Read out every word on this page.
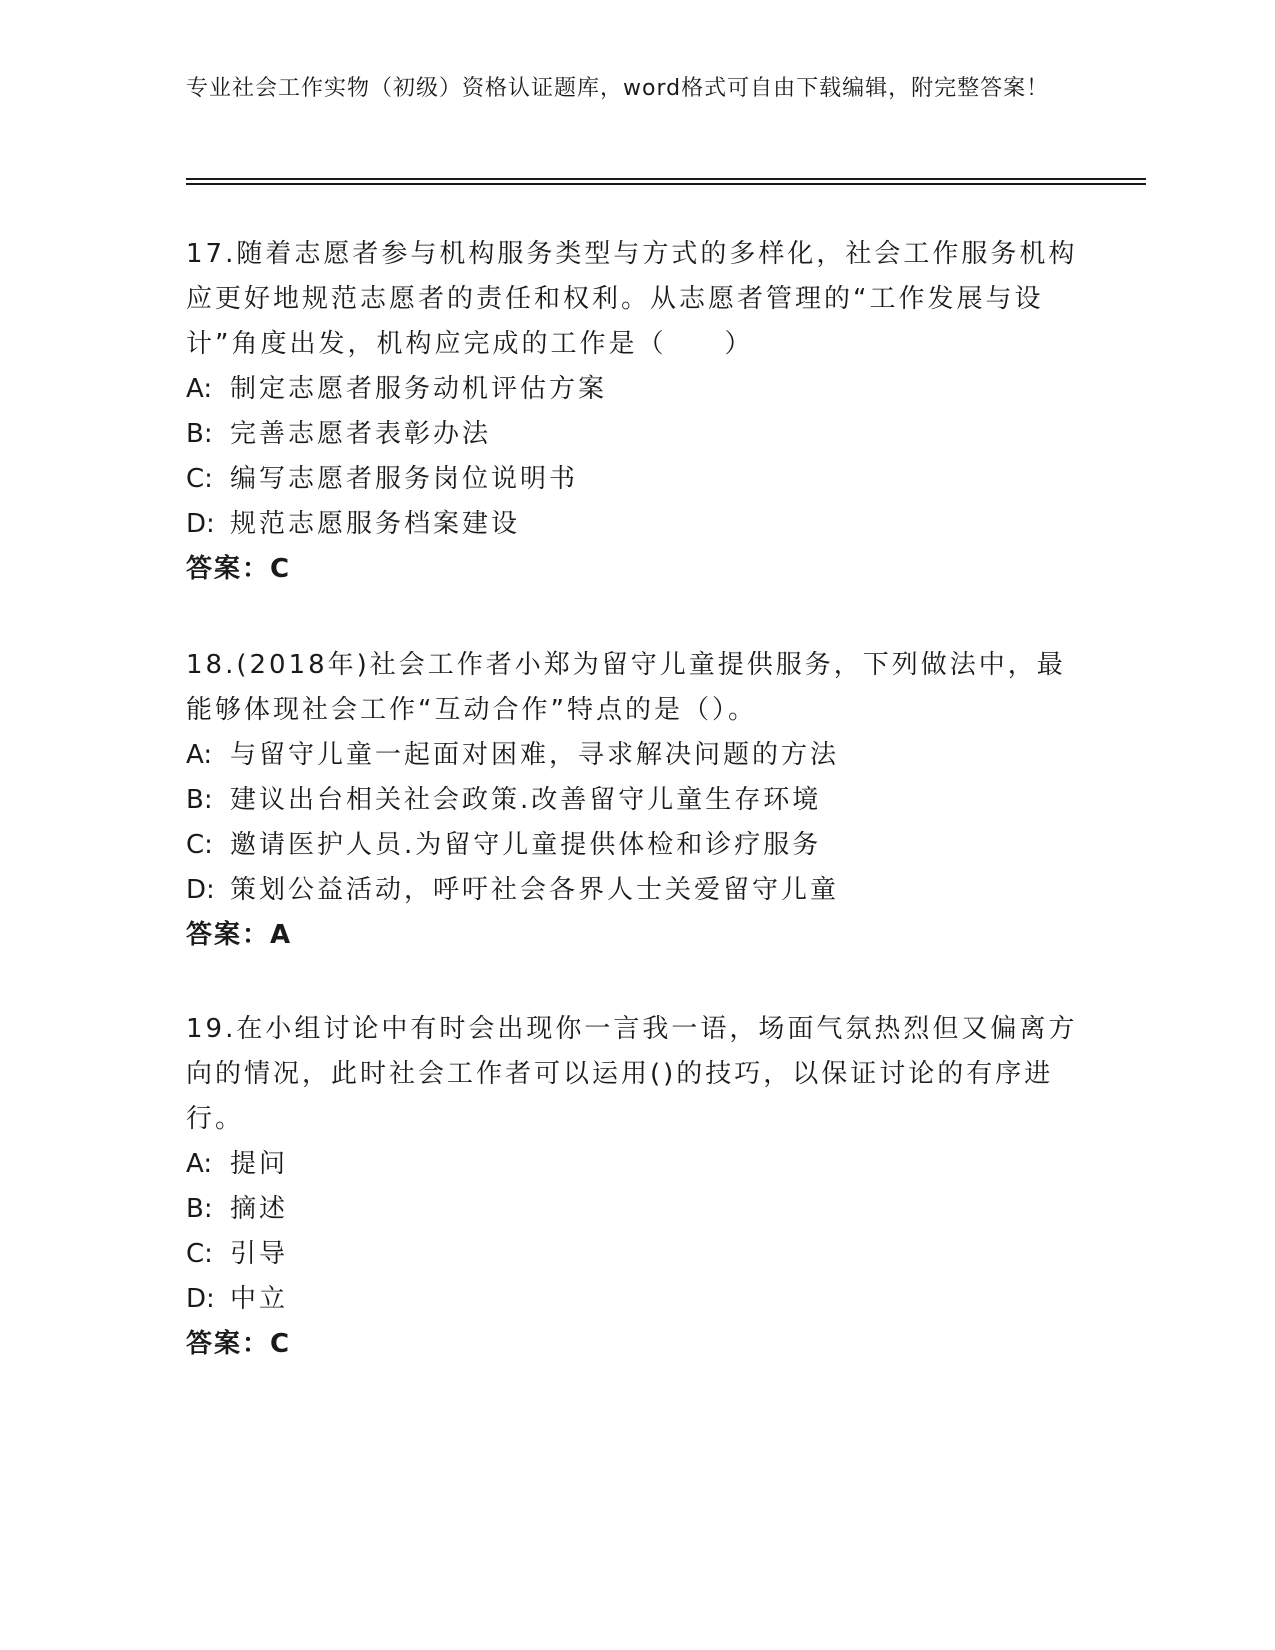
专业社会工作实物（初级）资格认证题库，word格式可自由下载编辑，附完整答案！

17.随着志愿者参与机构服务类型与方式的多样化，社会工作服务机构应更好地规范志愿者的责任和权利。从志愿者管理的“工作发展与设计”角度出发，机构应完成的工作是（　　）

A: 制定志愿者服务动机评估方案

B: 完善志愿者表彰办法

C: 编写志愿者服务岗位说明书

D: 规范志愿服务档案建设

答案：C

18.(2018年)社会工作者小郑为留守儿童提供服务，下列做法中，最能够体现社会工作“互动合作”特点的是（）。

A: 与留守儿童一起面对困难，寻求解决问题的方法

B: 建议出台相关社会政策.改善留守儿童生存环境

C: 邀请医护人员.为留守儿童提供体检和诊疗服务

D: 策划公益活动，呼吁社会各界人士关爱留守儿童

答案：A

19.在小组讨论中有时会出现你一言我一语，场面气氛热烈但又偏离方向的情况，此时社会工作者可以运用()的技巧，以保证讨论的有序进行。

A: 提问

B: 摘述

C: 引导

D: 中立

答案：C
